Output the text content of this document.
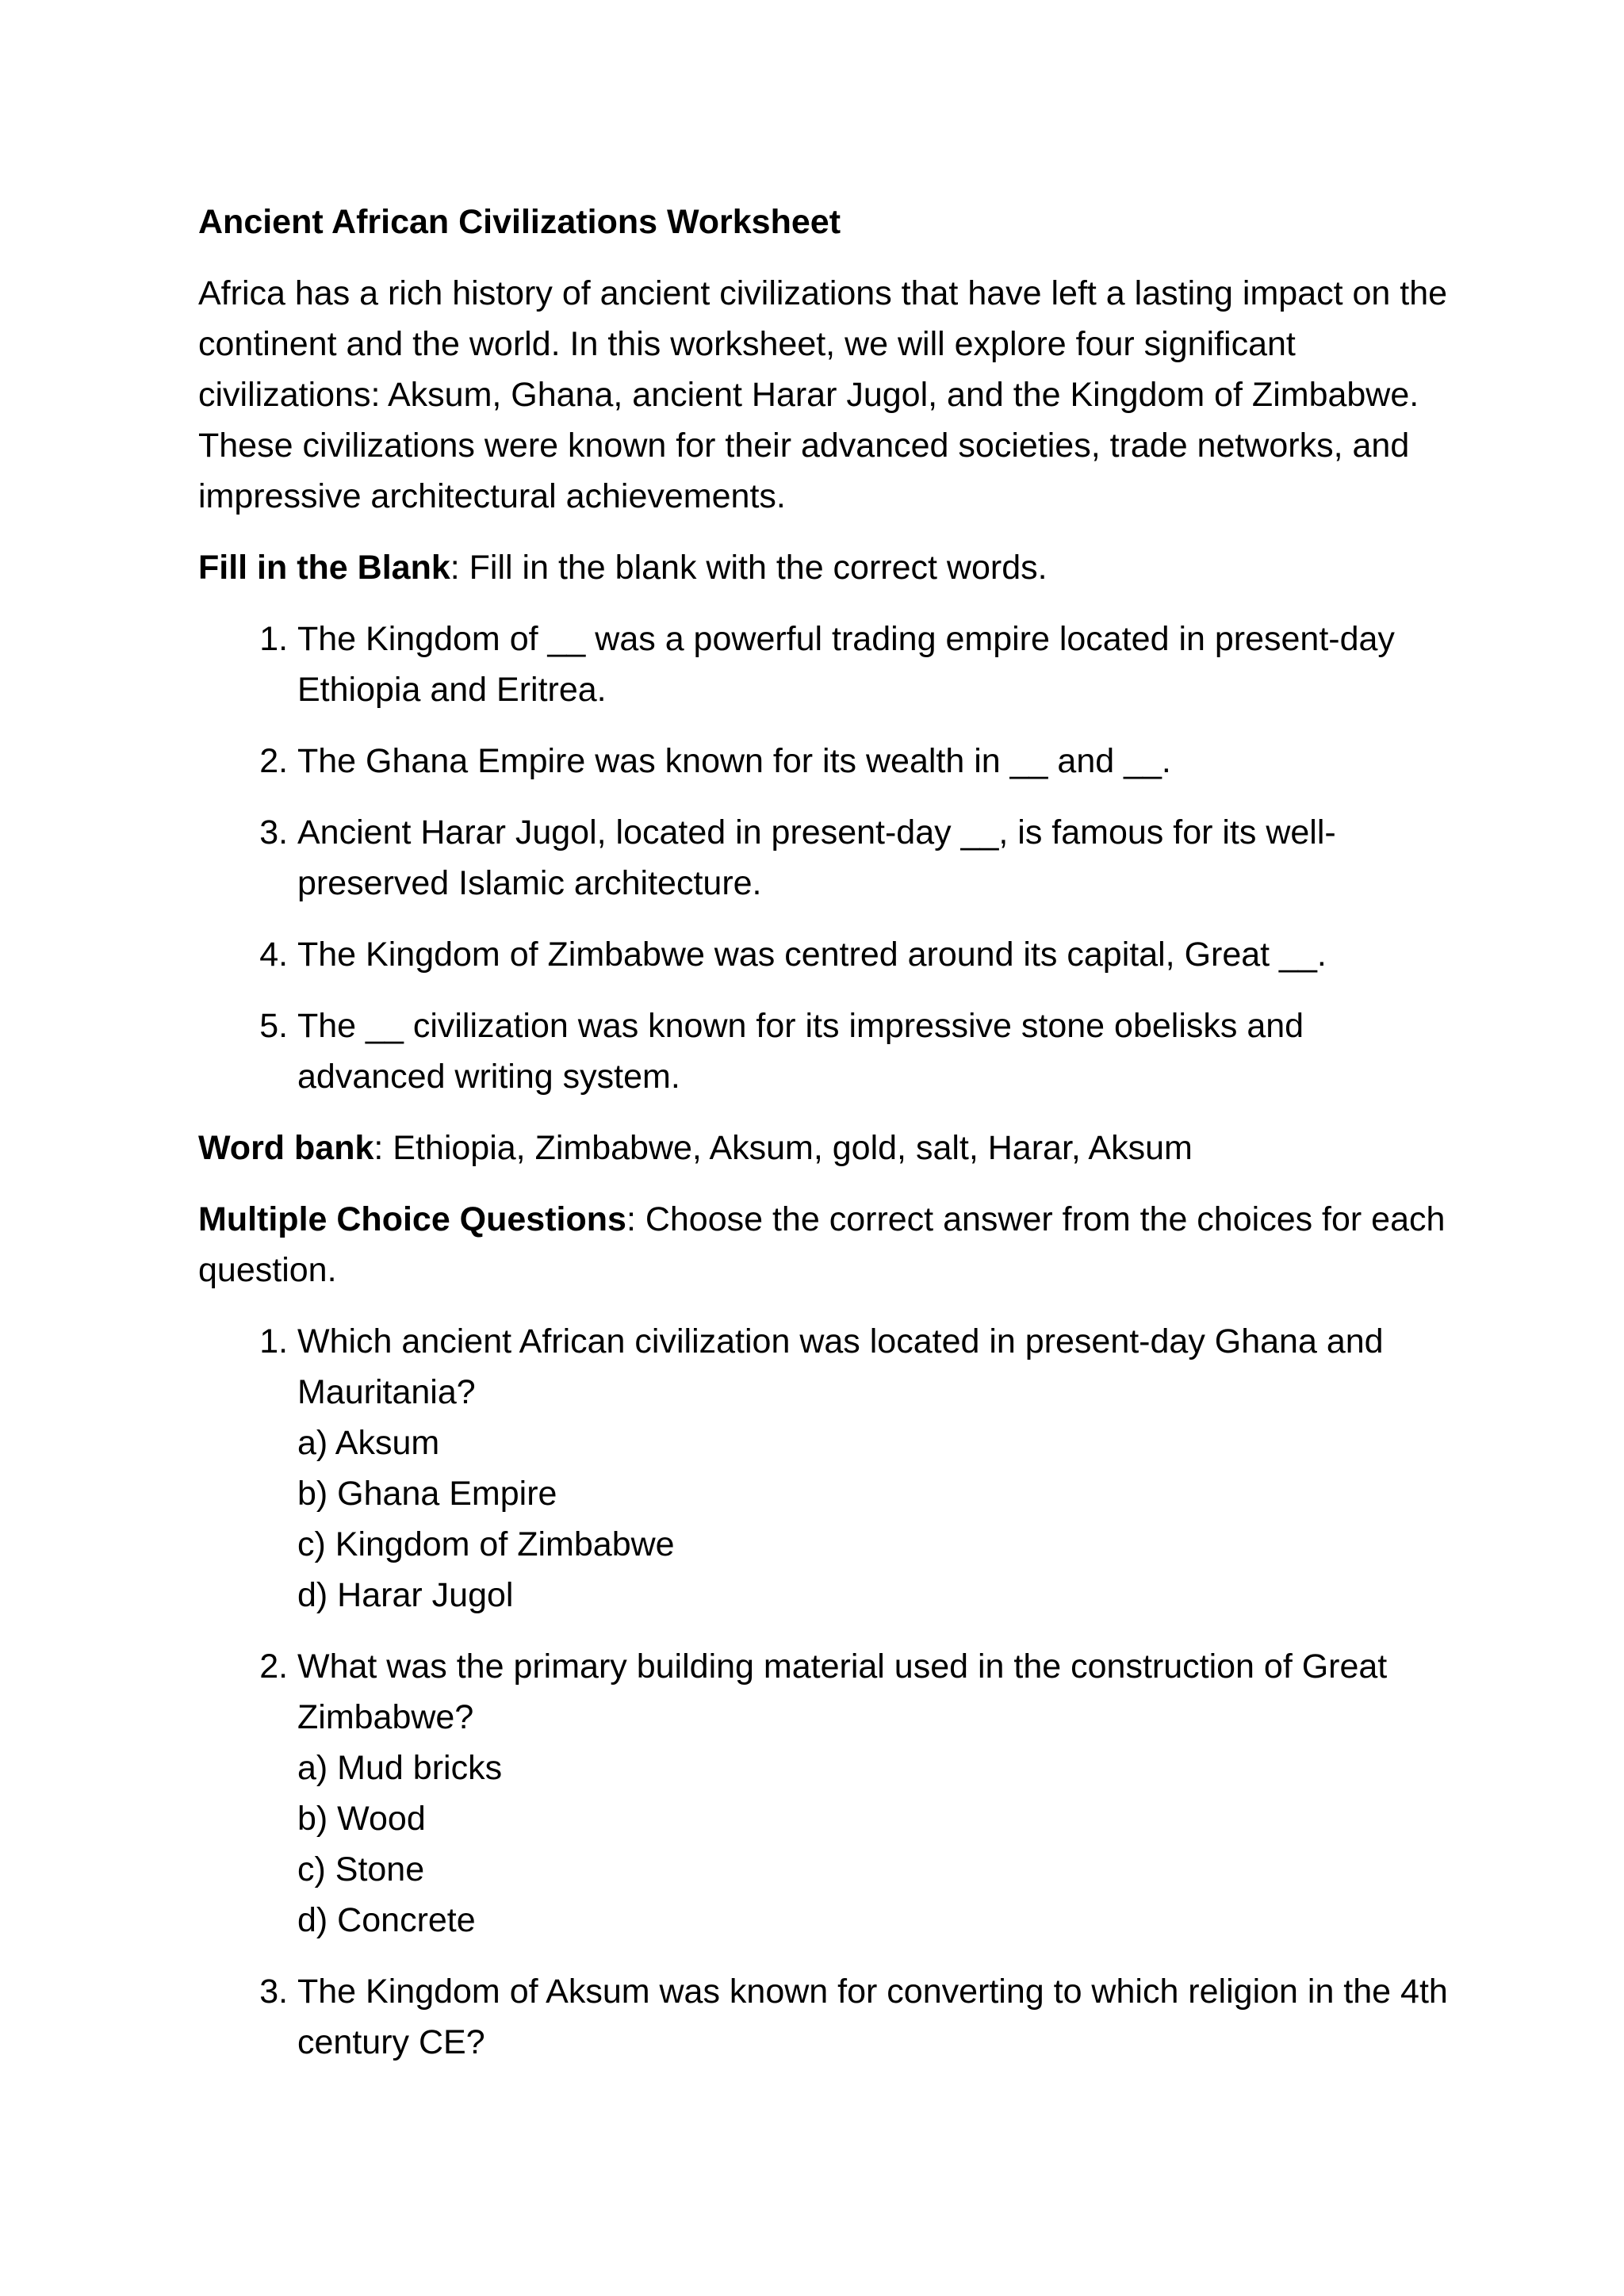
Ancient African Civilizations Worksheet
Africa has a rich history of ancient civilizations that have left a lasting impact on the continent and the world. In this worksheet, we will explore four significant civilizations: Aksum, Ghana, ancient Harar Jugol, and the Kingdom of Zimbabwe. These civilizations were known for their advanced societies, trade networks, and impressive architectural achievements.
Fill in the Blank: Fill in the blank with the correct words.
1. The Kingdom of __ was a powerful trading empire located in present-day Ethiopia and Eritrea.
2. The Ghana Empire was known for its wealth in __ and __.
3. Ancient Harar Jugol, located in present-day __, is famous for its well-preserved Islamic architecture.
4. The Kingdom of Zimbabwe was centred around its capital, Great __.
5. The __ civilization was known for its impressive stone obelisks and advanced writing system.
Word bank: Ethiopia, Zimbabwe, Aksum, gold, salt, Harar, Aksum
Multiple Choice Questions: Choose the correct answer from the choices for each question.
1. Which ancient African civilization was located in present-day Ghana and Mauritania?
a) Aksum
b) Ghana Empire
c) Kingdom of Zimbabwe
d) Harar Jugol
2. What was the primary building material used in the construction of Great Zimbabwe?
a) Mud bricks
b) Wood
c) Stone
d) Concrete
3. The Kingdom of Aksum was known for converting to which religion in the 4th century CE?
